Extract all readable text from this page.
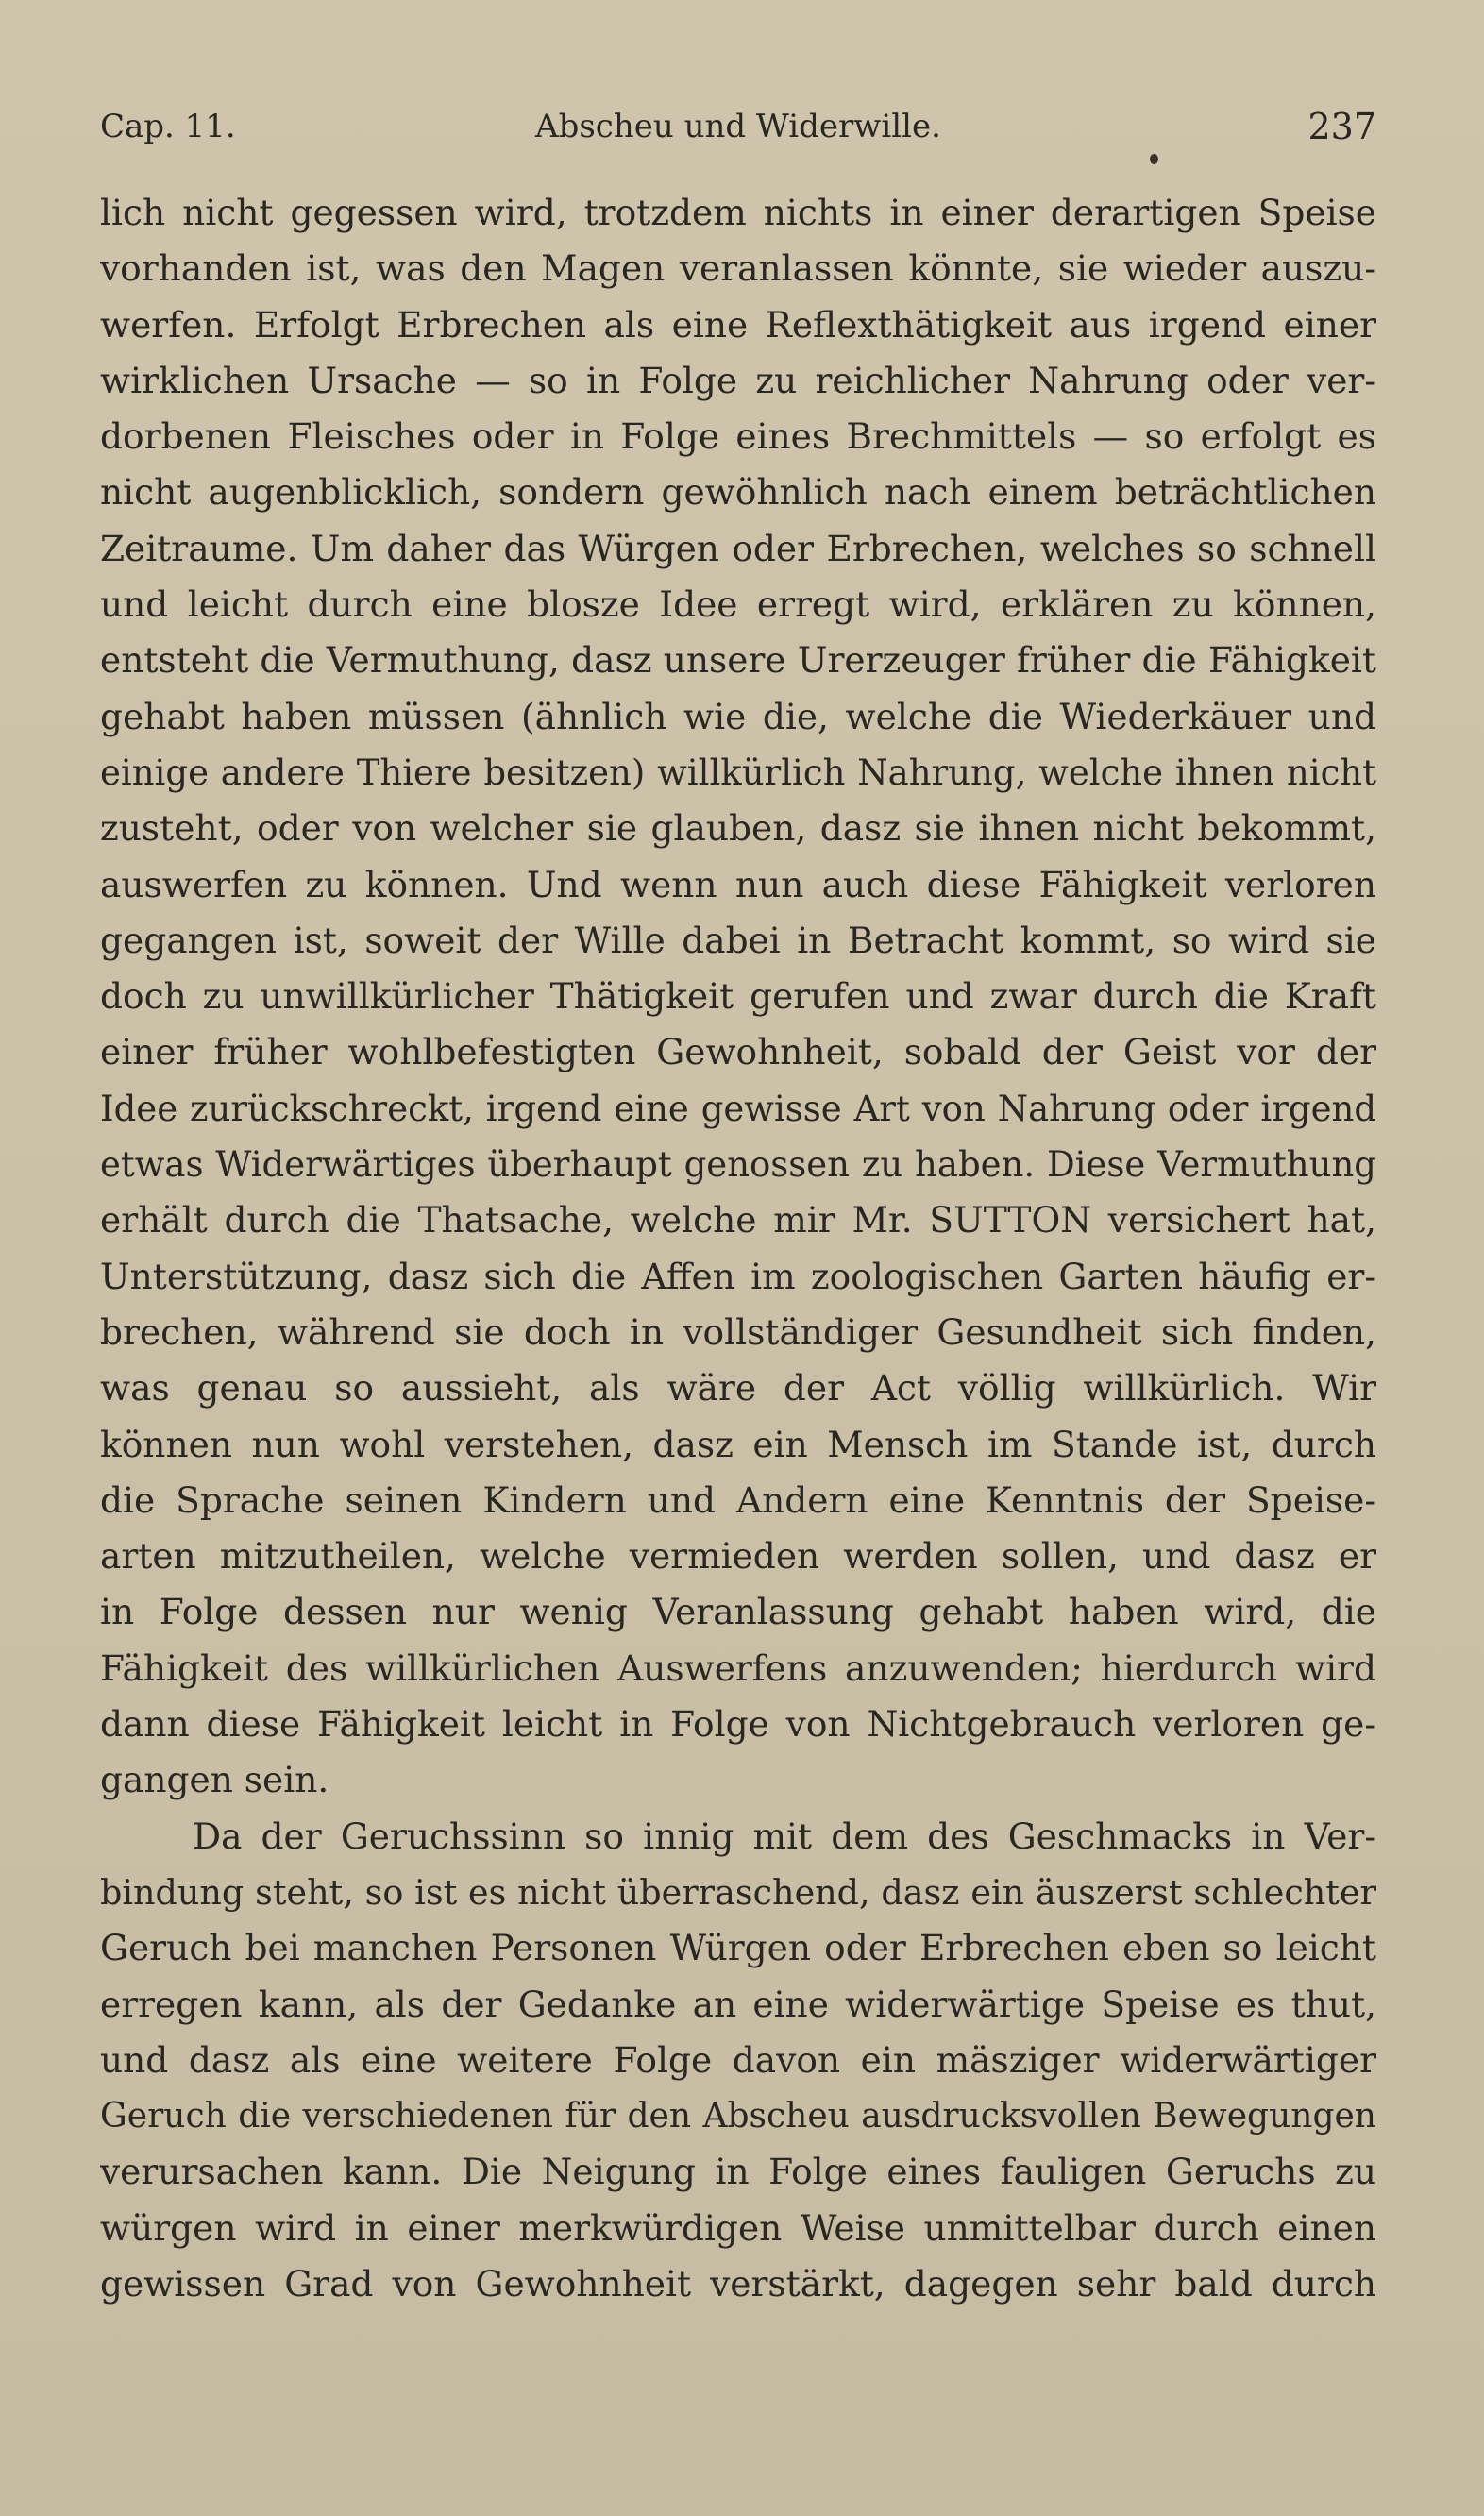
Cap. 11.	Abscheu und Widerwille.	237
lich nicht gegessen wird, trotzdem nichts in einer derartigen Speise
vorhanden ist, was den Magen veranlassen könnte, sie wieder auszu-
werfen. Erfolgt Erbrechen als eine Reflexthätigkeit aus irgend einer
wirklichen Ursache — so in Folge zu reichlicher Nahrung oder ver-
dorbenen Fleisches oder in Folge eines Brechmittels — so erfolgt es
nicht augenblicklich, sondern gewöhnlich nach einem beträchtlichen
Zeitraume. Um daher das Würgen oder Erbrechen, welches so schnell
und leicht durch eine blosze Idee erregt wird, erklären zu können,
entsteht die Vermuthung, dasz unsere Urerzeuger früher die Fähigkeit
gehabt haben müssen (ähnlich wie die, welche die Wiederkäuer und
einige andere Thiere besitzen) willkürlich Nahrung, welche ihnen nicht
zusteht, oder von welcher sie glauben, dasz sie ihnen nicht bekommt,
auswerfen zu können. Und wenn nun auch diese Fähigkeit verloren
gegangen ist, soweit der Wille dabei in Betracht kommt, so wird sie
doch zu unwillkürlicher Thätigkeit gerufen und zwar durch die Kraft
einer früher wohlbefestigten Gewohnheit, sobald der Geist vor der
Idee zurückschreckt, irgend eine gewisse Art von Nahrung oder irgend
etwas Widerwärtiges überhaupt genossen zu haben. Diese Vermuthung
erhält durch die Thatsache, welche mir Mr. SUTTON versichert hat,
Unterstützung, dasz sich die Affen im zoologischen Garten häufig er-
brechen, während sie doch in vollständiger Gesundheit sich finden,
was genau so aussieht, als wäre der Act völlig willkürlich. Wir
können nun wohl verstehen, dasz ein Mensch im Stande ist, durch
die Sprache seinen Kindern und Andern eine Kenntnis der Speise-
arten mitzutheilen, welche vermieden werden sollen, und dasz er
in Folge dessen nur wenig Veranlassung gehabt haben wird, die
Fähigkeit des willkürlichen Auswerfens anzuwenden; hierdurch wird
dann diese Fähigkeit leicht in Folge von Nichtgebrauch verloren ge-
gangen sein.
Da der Geruchssinn so innig mit dem des Geschmacks in Ver-
bindung steht, so ist es nicht überraschend, dasz ein äuszerst schlechter
Geruch bei manchen Personen Würgen oder Erbrechen eben so leicht
erregen kann, als der Gedanke an eine widerwärtige Speise es thut,
und dasz als eine weitere Folge davon ein mäsziger widerwärtiger
Geruch die verschiedenen für den Abscheu ausdrucksvollen Bewegungen
verursachen kann. Die Neigung in Folge eines fauligen Geruchs zu
würgen wird in einer merkwürdigen Weise unmittelbar durch einen
gewissen Grad von Gewohnheit verstärkt, dagegen sehr bald durch
